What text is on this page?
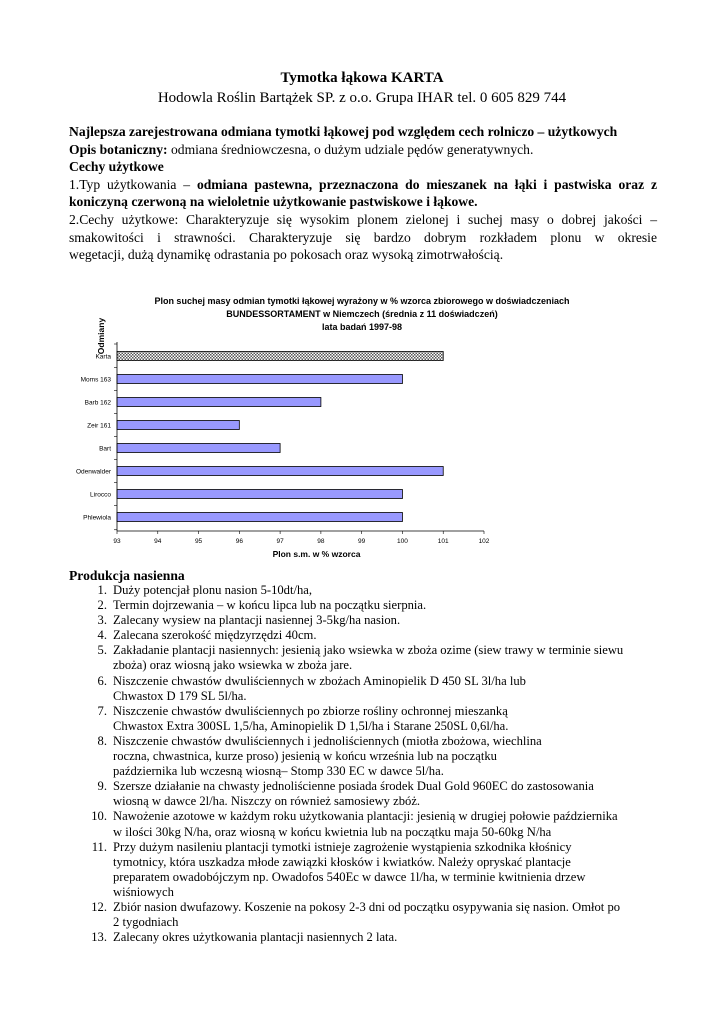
Tymotka łąkowa KARTA
Hodowla Roślin Bartążek SP. z o.o. Grupa IHAR tel. 0 605 829 744

Najlepsza zarejestrowana odmiana tymotki łąkowej pod względem cech rolniczo – użytkowych

Opis botaniczny: odmiana średniowczesna, o dużym udziale pędów generatywnych.

Cechy użytkowe

1.Typ użytkowania – odmiana pastewna, przeznaczona do mieszanek na łąki i pastwiska oraz z

koniczyną czerwoną na wieloletnie użytkowanie pastwiskowe i łąkowe.

2.Cechy użytkowe: Charakteryzuje się wysokim plonem zielonej i suchej masy o dobrej jakości –

smakowitości i strawności. Charakteryzuje się bardzo dobrym rozkładem plonu w okresie

wegetacji, dużą dynamikę odrastania po pokosach oraz wysoką zimotrwałością.

Plon suchej masy odmian tymotki łąkowej wyrażony w % wzorca zbiorowego w doświadczeniach
BUNDESSORTAMENT w Niemczech (średnia z 11 doświadczeń)
lata badań 1997-98
Karta
Moms 163
Barb 162
Zeir 161
Bart
Odenwalder
Lirocco
Phlewiola
93	94	95	96	97	98	99	100	101	102
Plon s.m. w % wzorca
Odmiany
Produkcja nasienna
1. Duży potencjał plonu nasion 5-10dt/ha,
2. Termin dojrzewania – w końcu lipca lub na początku sierpnia.
3. Zalecany wysiew na plantacji nasiennej 3-5kg/ha nasion.
4. Zalecana szerokość międzyrzędzi 40cm.
5. Zakładanie plantacji nasiennych: jesienią jako wsiewka w zboża ozime (siew trawy w terminie siewu
zboża) oraz wiosną jako wsiewka w zboża jare.
6. Niszczenie chwastów dwuliściennych w zbożach Aminopielik D 450 SL 3l/ha lub
Chwastox D 179 SL 5l/ha.
7. Niszczenie chwastów dwuliściennych po zbiorze rośliny ochronnej mieszanką
Chwastox Extra 300SL 1,5/ha, Aminopielik D 1,5l/ha i Starane 250SL 0,6l/ha.
8. Niszczenie chwastów dwuliściennych i jednoliściennych (miotła zbożowa, wiechlina
roczna, chwastnica, kurze proso) jesienią w końcu września lub na początku
października lub wczesną wiosną– Stomp 330 EC w dawce 5l/ha.
9. Szersze działanie na chwasty jednoliścienne posiada środek Dual Gold 960EC do zastosowania
wiosną w dawce 2l/ha. Niszczy on również samosiewy zbóż.
10. Nawożenie azotowe w każdym roku użytkowania plantacji: jesienią w drugiej połowie października
w ilości 30kg N/ha, oraz wiosną w końcu kwietnia lub na początku maja 50-60kg N/ha
11. Przy dużym nasileniu plantacji tymotki istnieje zagrożenie wystąpienia szkodnika kłośnicy
tymotnicy, która uszkadza młode zawiązki kłosków i kwiatków. Należy opryskać plantacje
preparatem owadobójczym np. Owadofos 540Ec w dawce 1l/ha, w terminie kwitnienia drzew
wiśniowych
12. Zbiór nasion dwufazowy. Koszenie na pokosy 2-3 dni od początku osypywania się nasion. Omłot po
2 tygodniach
13. Zalecany okres użytkowania plantacji nasiennych 2 lata.
